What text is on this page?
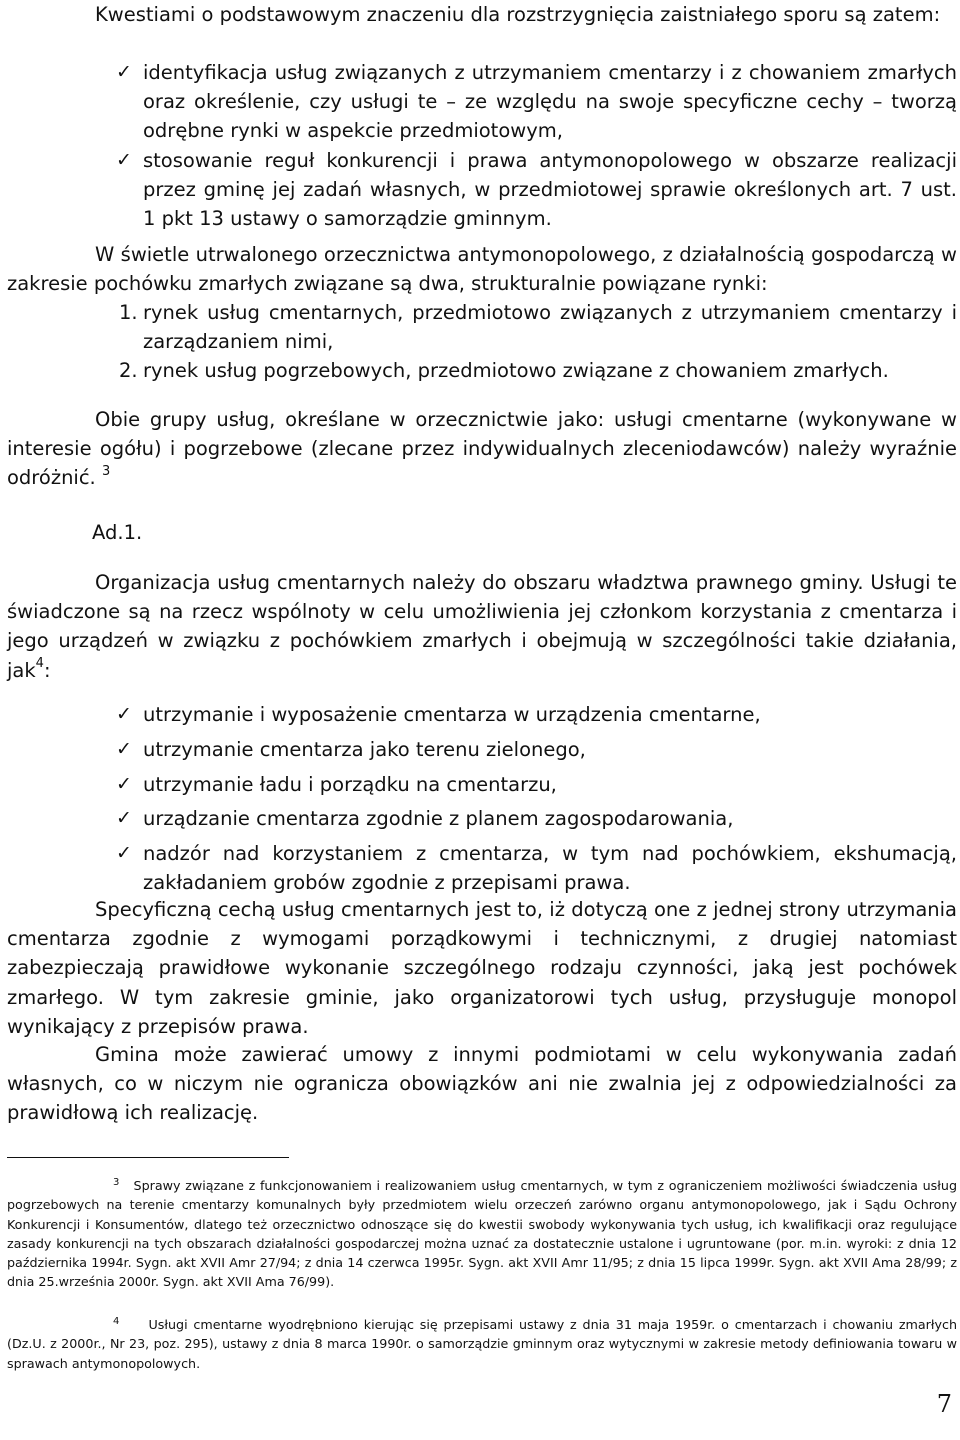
Kwestiami o podstawowym znaczeniu dla rozstrzygnięcia zaistniałego sporu są zatem:

✓ identyfikacja usług związanych z utrzymaniem cmentarzy i z chowaniem zmarłych oraz określenie, czy usługi te – ze względu na swoje specyficzne cechy – tworzą odrębne rynki w aspekcie przedmiotowym,
✓ stosowanie reguł konkurencji i prawa antymonopolowego w obszarze realizacji przez gminę jej zadań własnych, w przedmiotowej sprawie określonych art. 7 ust. 1 pkt 13 ustawy o samorządzie gminnym.

W świetle utrwalonego orzecznictwa antymonopolowego, z działalnością gospodarczą w zakresie pochówku zmarłych związane są dwa, strukturalnie powiązane rynki:

1. rynek usług cmentarnych, przedmiotowo związanych z utrzymaniem cmentarzy i zarządzaniem nimi,
2. rynek usług pogrzebowych, przedmiotowo związane z chowaniem zmarłych.

Obie grupy usług, określane w orzecznictwie jako: usługi cmentarne (wykonywane w interesie ogółu) i pogrzebowe (zlecane przez indywidualnych zleceniodawców) należy wyraźnie odróżnić. $^3$

Ad.1.

Organizacja usług cmentarnych należy do obszaru władztwa prawnego gminy. Usługi te świadczone są na rzecz wspólnoty w celu umożliwienia jej członkom korzystania z cmentarza i jego urządzeń w związku z pochówkiem zmarłych i obejmują w szczególności takie działania, jak$^4$:

✓ utrzymanie i wyposażenie cmentarza w urządzenia cmentarne,
✓ utrzymanie cmentarza jako terenu zielonego,
✓ utrzymanie ładu i porządku na cmentarzu,
✓ urządzanie cmentarza zgodnie z planem zagospodarowania,
✓ nadzór nad korzystaniem z cmentarza, w tym nad pochówkiem, ekshumacją, zakładaniem grobów zgodnie z przepisami prawa.

Specyficzną cechą usług cmentarnych jest to, iż dotyczą one z jednej strony utrzymania cmentarza zgodnie z wymogami porządkowymi i technicznymi, z drugiej natomiast zabezpieczają prawidłowe wykonanie szczególnego rodzaju czynności, jaką jest pochówek zmarłego. W tym zakresie gminie, jako organizatorowi tych usług, przysługuje monopol wynikający z przepisów prawa.

Gmina może zawierać umowy z innymi podmiotami w celu wykonywania zadań własnych, co w niczym nie ogranicza obowiązków ani nie zwalnia jej z odpowiedzialności za prawidłową ich realizację.

$^3$ Sprawy związane z funkcjonowaniem i realizowaniem usług cmentarnych, w tym z ograniczeniem możliwości świadczenia usług pogrzebowych na terenie cmentarzy komunalnych były przedmiotem wielu orzeczeń zarówno organu antymonopolowego, jak i Sądu Ochrony Konkurencji i Konsumentów, dlatego też orzecznictwo odnoszące się do kwestii swobody wykonywania tych usług, ich kwalifikacji oraz regulujące zasady konkurencji na tych obszarach działalności gospodarczej można uznać za dostatecznie ustalone i ugruntowane (por. m.in. wyroki: z dnia 12 października 1994r. Sygn. akt XVII Amr 27/94; z dnia 14 czerwca 1995r. Sygn. akt XVII Amr 11/95; z dnia 15 lipca 1999r. Sygn. akt XVII Ama 28/99; z dnia 25.września 2000r. Sygn. akt XVII Ama 76/99).

$^4$ Usługi cmentarne wyodrębniono kierując się przepisami ustawy z dnia 31 maja 1959r. o cmentarzach i chowaniu zmarłych (Dz.U. z 2000r., Nr 23, poz. 295), ustawy z dnia 8 marca 1990r. o samorządzie gminnym oraz wytycznymi w zakresie metody definiowania towaru w sprawach antymonopolowych.

7
